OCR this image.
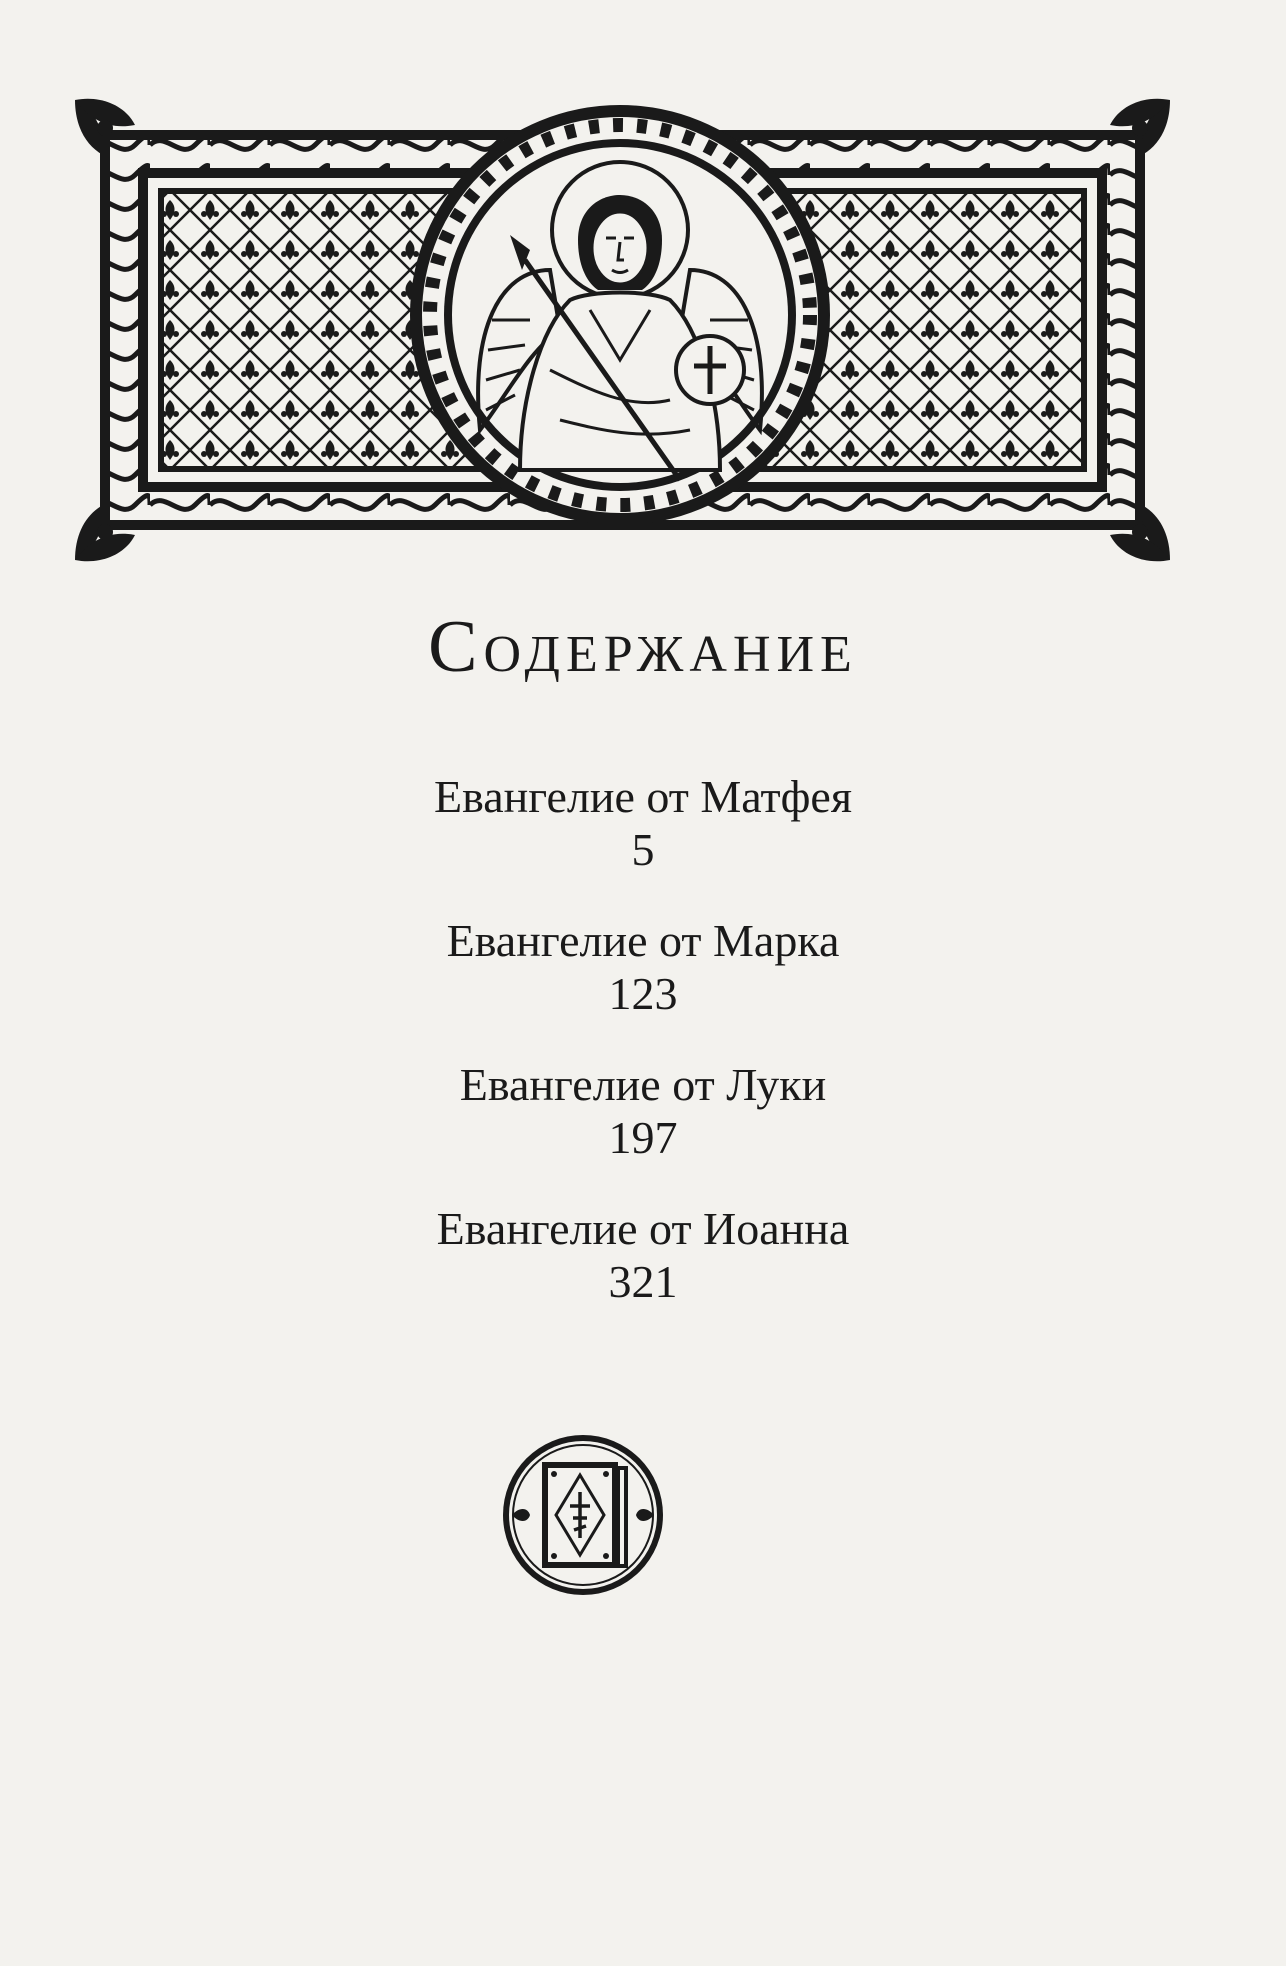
Содержание
Евангелие от Матфея
5
Евангелие от Марка
123
Евангелие от Луки
197
Евангелие от Иоанна
321
